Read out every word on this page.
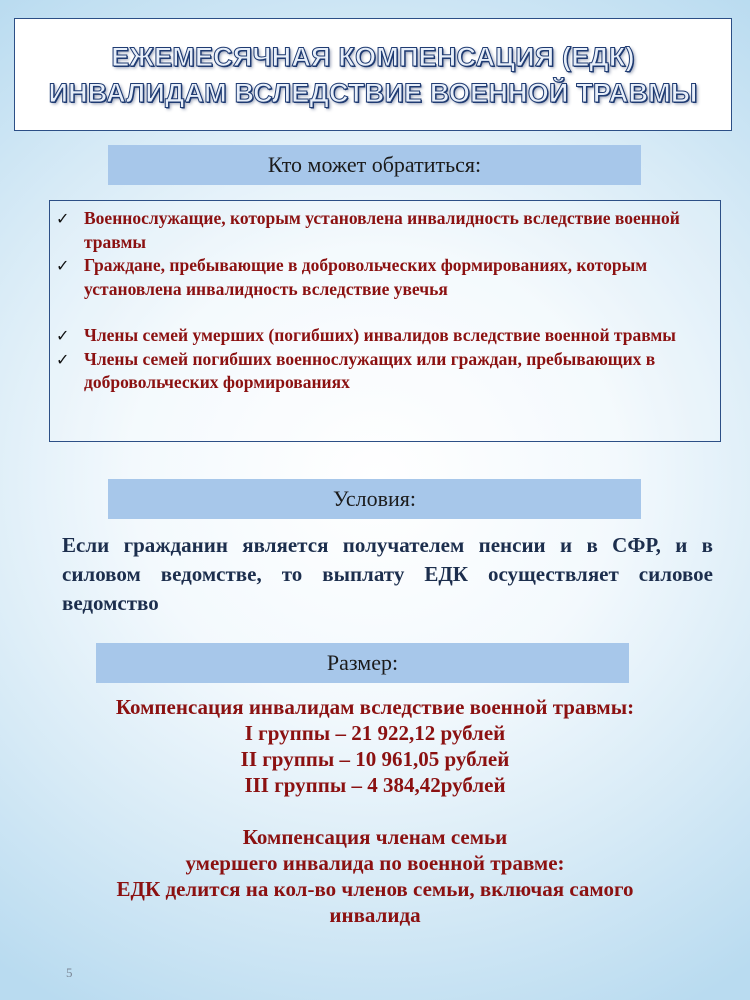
ЕЖЕМЕСЯЧНАЯ КОМПЕНСАЦИЯ (ЕДК)
ИНВАЛИДАМ ВСЛЕДСТВИЕ ВОЕННОЙ ТРАВМЫ
Кто может обратиться:
✓ Военнослужащие, которым установлена инвалидность вследствие военной травмы
✓ Граждане, пребывающие в добровольческих формированиях, которым установлена инвалидность вследствие увечья
✓ Члены семей умерших (погибших) инвалидов вследствие военной травмы
✓ Члены семей погибших военнослужащих или граждан, пребывающих в добровольческих формированиях
Условия:
Если гражданин является получателем пенсии и в СФР, и в силовом ведомстве, то выплату ЕДК осуществляет силовое ведомство
Размер:
Компенсация инвалидам вследствие военной травмы:
I группы – 21 922,12 рублей
II группы – 10 961,05 рублей
III группы – 4 384,42рублей
Компенсация членам семьи
умершего инвалида по военной травме:
ЕДК делится на кол-во членов семьи, включая самого
инвалида
5
